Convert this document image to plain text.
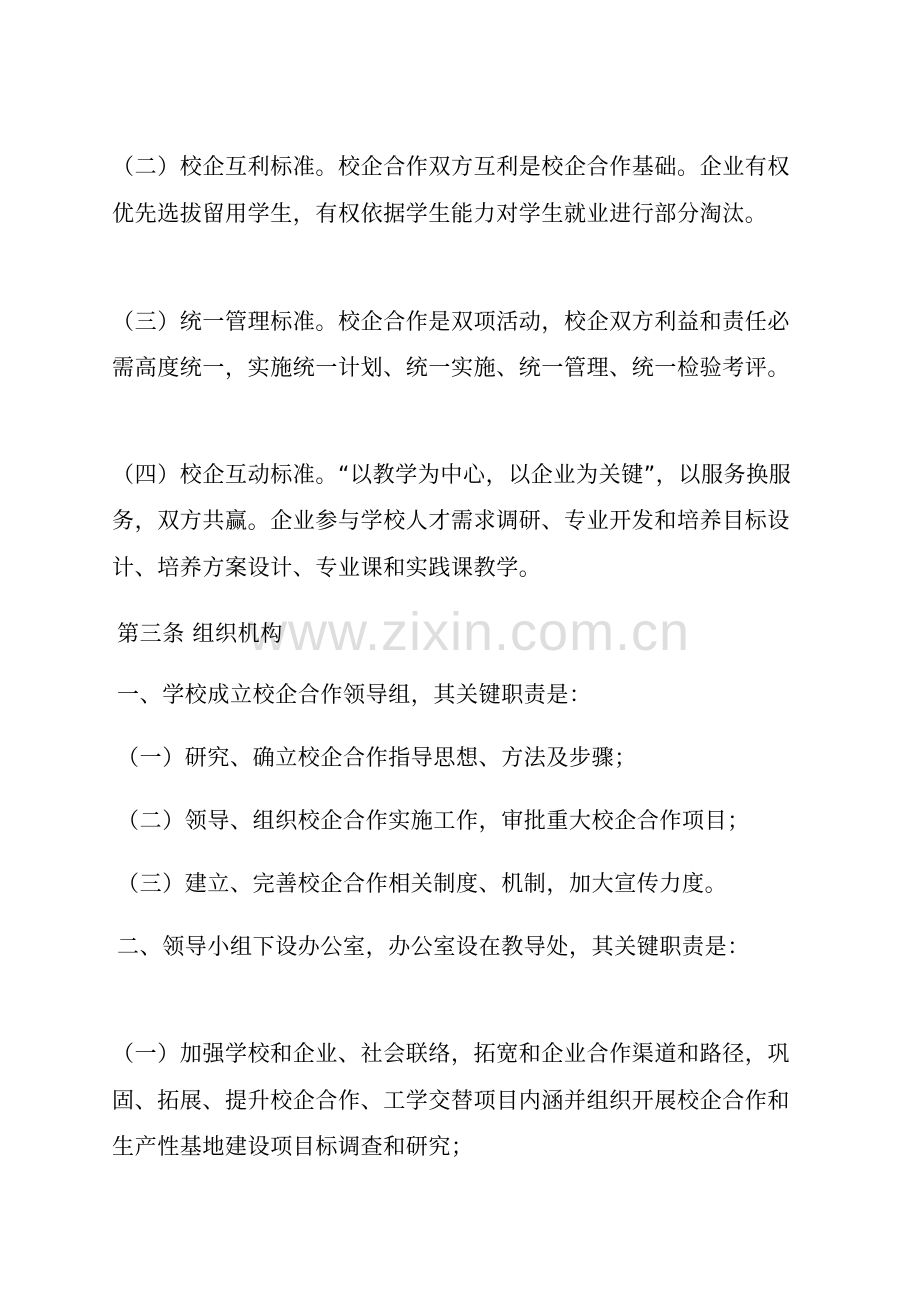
www.zixin.com.cn
（二）校企互利标准。校企合作双方互利是校企合作基础。企业有权
优先选拔留用学生，有权依据学生能力对学生就业进行部分淘汰。
（三）统一管理标准。校企合作是双项活动，校企双方利益和责任必
需高度统一，实施统一计划、统一实施、统一管理、统一检验考评。
（四）校企互动标准。“以教学为中心，以企业为关键”，以服务换服
务，双方共赢。企业参与学校人才需求调研、专业开发和培养目标设
计、培养方案设计、专业课和实践课教学。
第三条 组织机构
一、学校成立校企合作领导组，其关键职责是：
（一）研究、确立校企合作指导思想、方法及步骤；
（二）领导、组织校企合作实施工作，审批重大校企合作项目；
（三）建立、完善校企合作相关制度、机制，加大宣传力度。
二、领导小组下设办公室，办公室设在教导处，其关键职责是：
（一）加强学校和企业、社会联络，拓宽和企业合作渠道和路径，巩
固、拓展、提升校企合作、工学交替项目内涵并组织开展校企合作和
生产性基地建设项目标调查和研究；
